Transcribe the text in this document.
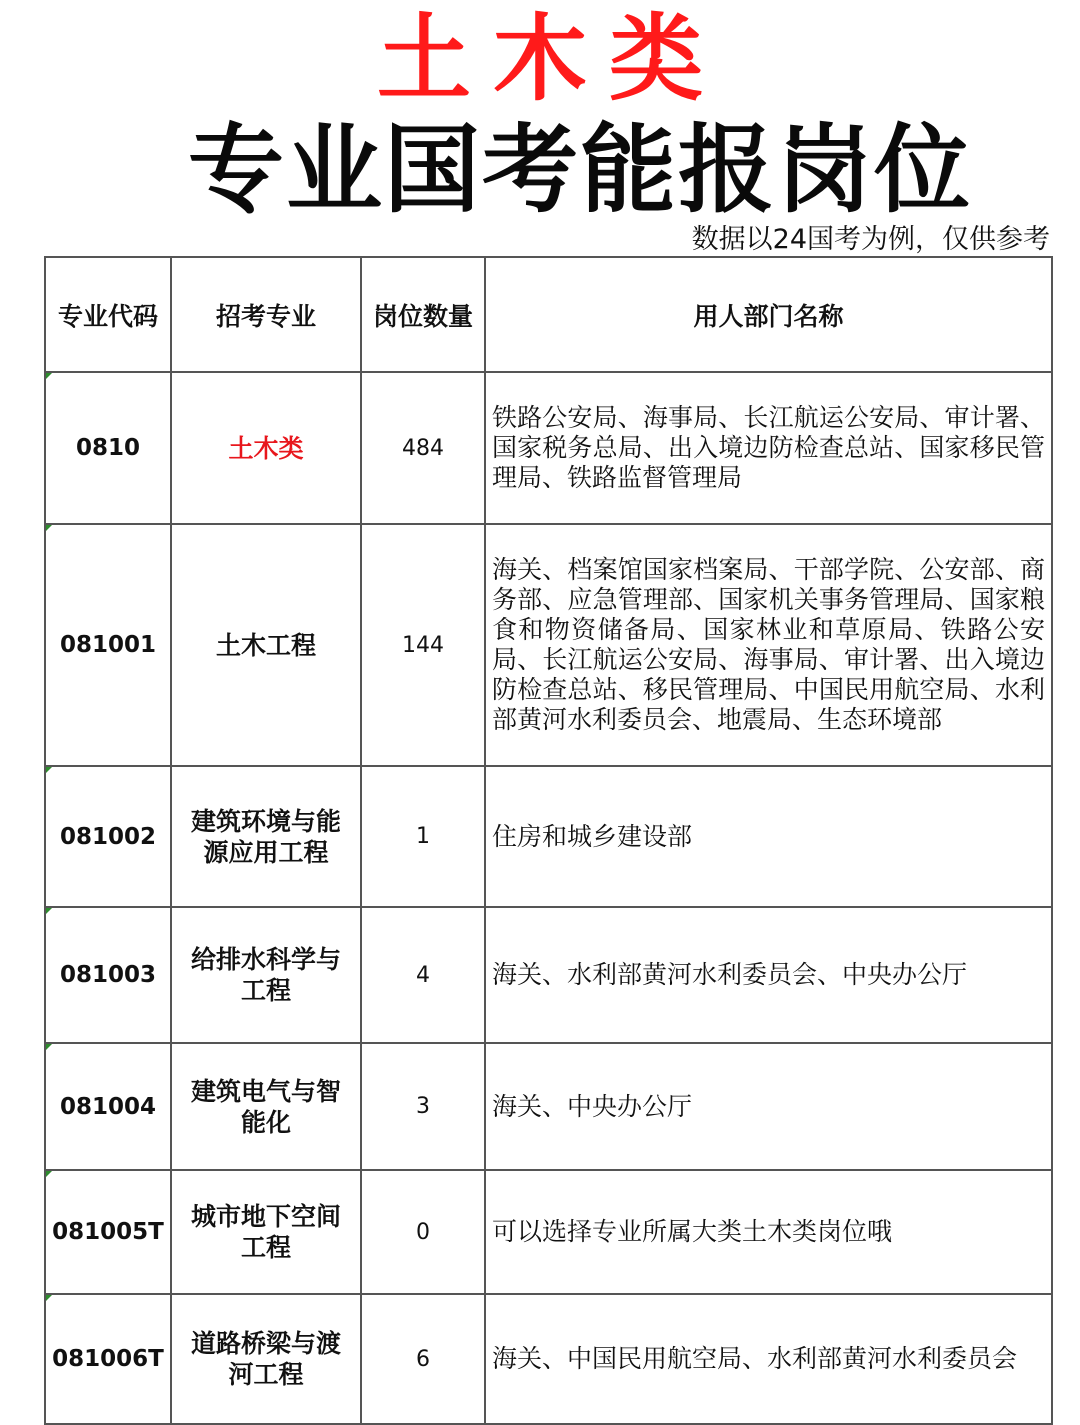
土木类
专业国考能报岗位
数据以24国考为例，仅供参考
专业代码	招考专业	岗位数量	用人部门名称
0810	土木类	484	铁路公安局、海事局、长江航运公安局、审计署、国家税务总局、出入境边防检查总站、国家移民管理局、铁路监督管理局
081001	土木工程	144	海关、档案馆国家档案局、干部学院、公安部、商务部、应急管理部、国家机关事务管理局、国家粮食和物资储备局、国家林业和草原局、铁路公安局、长江航运公安局、海事局、审计署、出入境边防检查总站、移民管理局、中国民用航空局、水利部黄河水利委员会、地震局、生态环境部
081002	建筑环境与能源应用工程	1	住房和城乡建设部
081003	给排水科学与工程	4	海关、水利部黄河水利委员会、中央办公厅
081004	建筑电气与智能化	3	海关、中央办公厅
081005T	城市地下空间工程	0	可以选择专业所属大类土木类岗位哦
081006T	道路桥梁与渡河工程	6	海关、中国民用航空局、水利部黄河水利委员会
